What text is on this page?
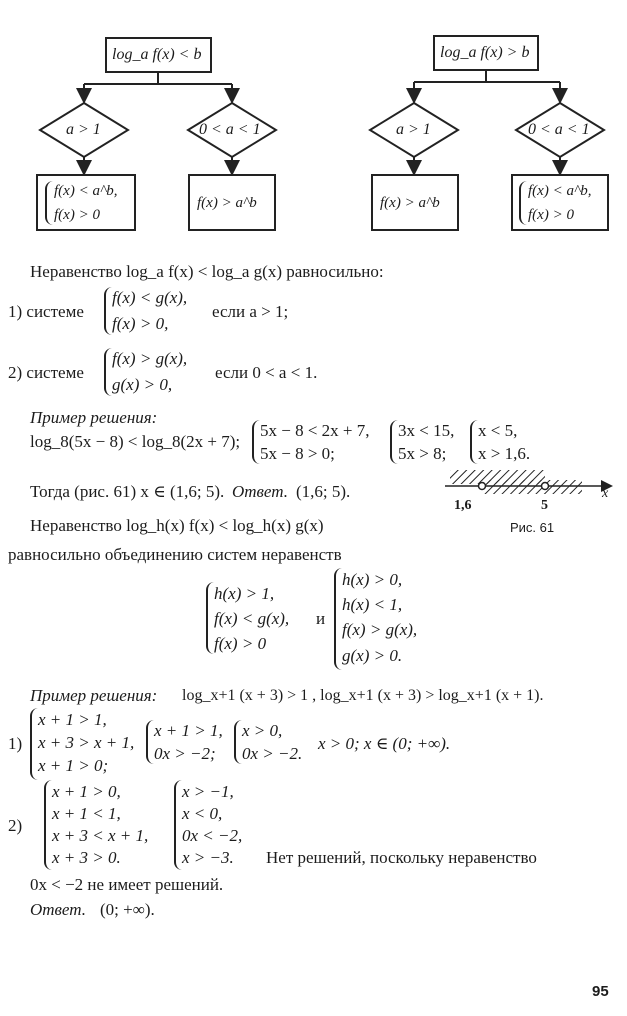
log_a f(x) < b
a > 1	0 < a < 1
f(x) < a^b,
f(x) > 0
f(x) > a^b
log_a f(x) > b
a > 1	0 < a < 1
f(x) > a^b
f(x) < a^b,
f(x) > 0
Неравенство log_a f(x) < log_a g(x) равносильно:
1) системе
f(x) < g(x),
f(x) > 0,
если a > 1;
2) системе
f(x) > g(x),
g(x) > 0,
если 0 < a < 1.
Пример решения:
log_8(5x − 8) < log_8(2x + 7);
5x − 8 < 2x + 7,
5x − 8 > 0;
3x < 15,
5x > 8;
x < 5,
x > 1,6.
Тогда (рис. 61) x ∈ (1,6; 5). Ответ. (1,6; 5).
1,6	5
x
Рис. 61
Неравенство log_h(x) f(x) < log_h(x) g(x)
равносильно объединению систем неравенств
h(x) > 1,
f(x) < g(x),
f(x) > 0
и
h(x) > 0,
h(x) < 1,
f(x) > g(x),
g(x) > 0.
Пример решения: log_x+1 (x + 3) > 1 , log_x+1 (x + 3) > log_x+1 (x + 1).
1)
x + 1 > 1,
x + 3 > x + 1,
x + 1 > 0;
x + 1 > 1,
0x > −2;
x > 0,
0x > −2.
x > 0; x ∈ (0; +∞).
2)
x + 1 > 0,
x + 1 < 1,
x + 3 < x + 1,
x + 3 > 0.
x > −1,
x < 0,
0x < −2,
x > −3. Нет решений, поскольку неравенство
0x < −2 не имеет решений.
Ответ. (0; +∞).
95
